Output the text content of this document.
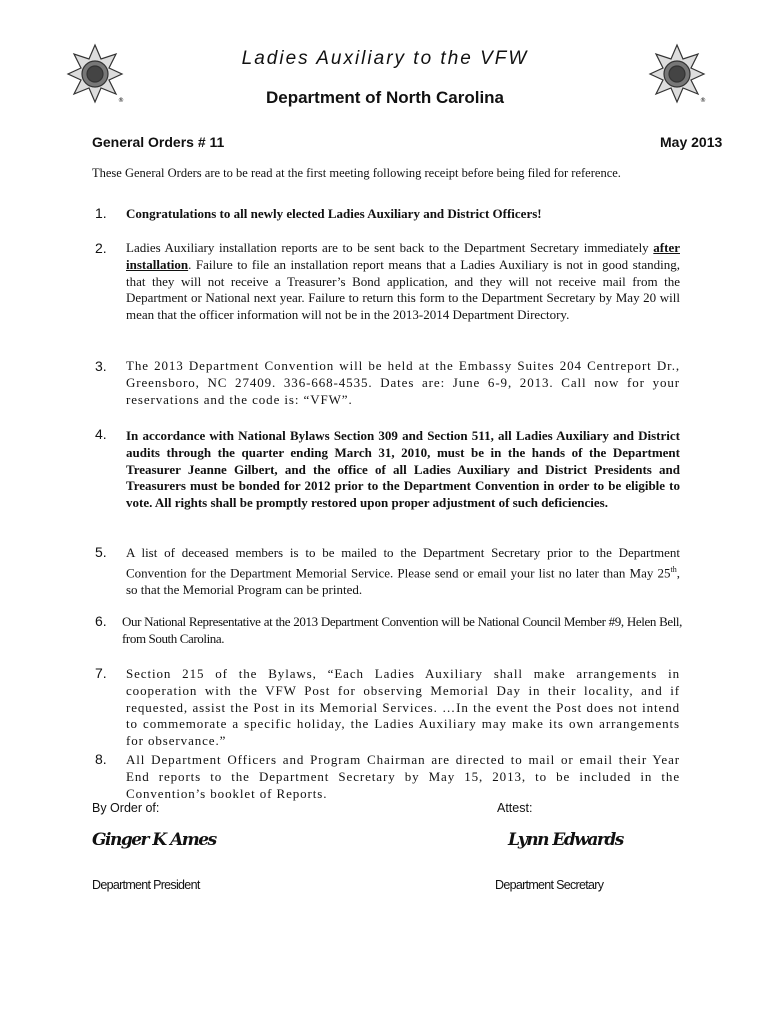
®	®
Ladies Auxiliary to the VFW
Department of North Carolina
General Orders # 11	May 2013
These General Orders are to be read at the first meeting following receipt before being filed for reference.
1. Congratulations to all newly elected Ladies Auxiliary and District Officers!
2. Ladies Auxiliary installation reports are to be sent back to the Department Secretary immediately after installation. Failure to file an installation report means that a Ladies Auxiliary is not in good standing, that they will not receive a Treasurer’s Bond application, and they will not receive mail from the Department or National next year. Failure to return this form to the Department Secretary by May 20 will mean that the officer information will not be in the 2013-2014 Department Directory.
3. The 2013 Department Convention will be held at the Embassy Suites 204 Centreport Dr., Greensboro, NC 27409. 336-668-4535. Dates are: June 6-9, 2013. Call now for your reservations and the code is: “VFW”.
4. In accordance with National Bylaws Section 309 and Section 511, all Ladies Auxiliary and District audits through the quarter ending March 31, 2010, must be in the hands of the Department Treasurer Jeanne Gilbert, and the office of all Ladies Auxiliary and District Presidents and Treasurers must be bonded for 2012 prior to the Department Convention in order to be eligible to vote. All rights shall be promptly restored upon proper adjustment of such deficiencies.
5. A list of deceased members is to be mailed to the Department Secretary prior to the Department Convention for the Department Memorial Service. Please send or email your list no later than May 25th, so that the Memorial Program can be printed.
6. Our National Representative at the 2013 Department Convention will be National Council Member #9, Helen Bell, from South Carolina.
7. Section 215 of the Bylaws, “Each Ladies Auxiliary shall make arrangements in cooperation with the VFW Post for observing Memorial Day in their locality, and if requested, assist the Post in its Memorial Services. …In the event the Post does not intend to commemorate a specific holiday, the Ladies Auxiliary may make its own arrangements for observance.”
8. All Department Officers and Program Chairman are directed to mail or email their Year End reports to the Department Secretary by May 15, 2013, to be included in the Convention’s booklet of Reports.
By Order of:	Attest:
Ginger K Ames	Lynn Edwards
Department President	Department Secretary
